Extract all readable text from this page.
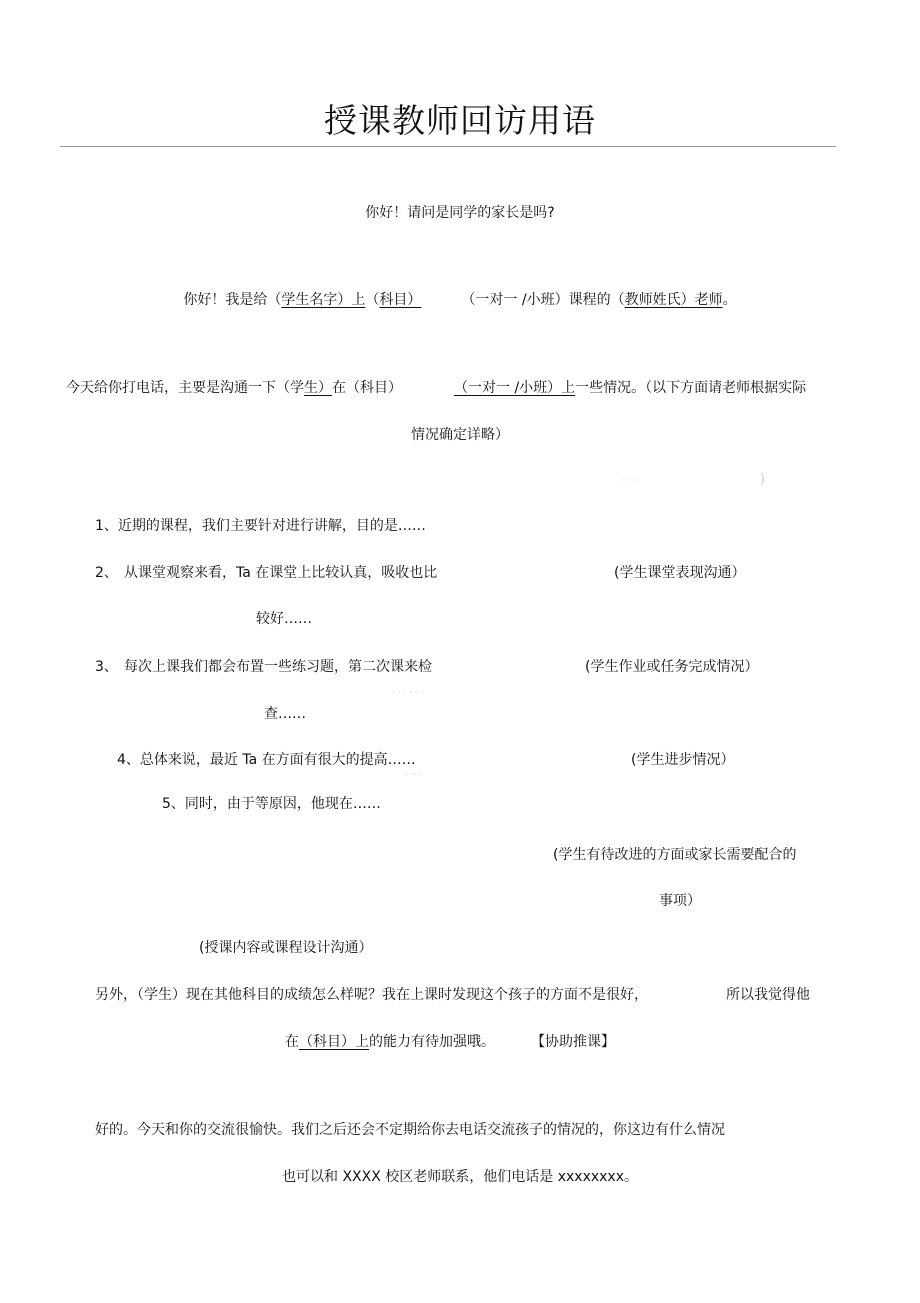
授课教师回访用语
你好！请问是同学的家长是吗?
你好！我是给（学生名字）上（科目）	（一对一 /小班）课程的（教师姓氏）老师。
今天给你打电话，主要是沟通一下（学生）在（科目）	（一对一 /小班）上一些情况。（以下方面请老师根据实际
情况确定详略）
1、近期的课程，我们主要针对进行讲解，目的是……
2、 从课堂观察来看，Ta 在课堂上比较认真，吸收也比	(学生课堂表现沟通）
较好……
3、 每次上课我们都会布置一些练习题，第二次课来检	(学生作业或任务完成情况）
查……
4、总体来说，最近 Ta 在方面有很大的提高……	(学生进步情况）
5、同时，由于等原因，他现在……
(学生有待改进的方面或家长需要配合的
事项）
(授课内容或课程设计沟通）
另外，（学生）现在其他科目的成绩怎么样呢？我在上课时发现这个孩子的方面不是很好，	所以我觉得他
在（科目）上的能力有待加强哦。	【协助推课】
好的。今天和你的交流很愉快。我们之后还会不定期给你去电话交流孩子的情况的，你这边有什么情况
也可以和 XXXX 校区老师联系，他们电话是 xxxxxxxx。
· · · ·	)
· · · · · ·
· ·· ·
